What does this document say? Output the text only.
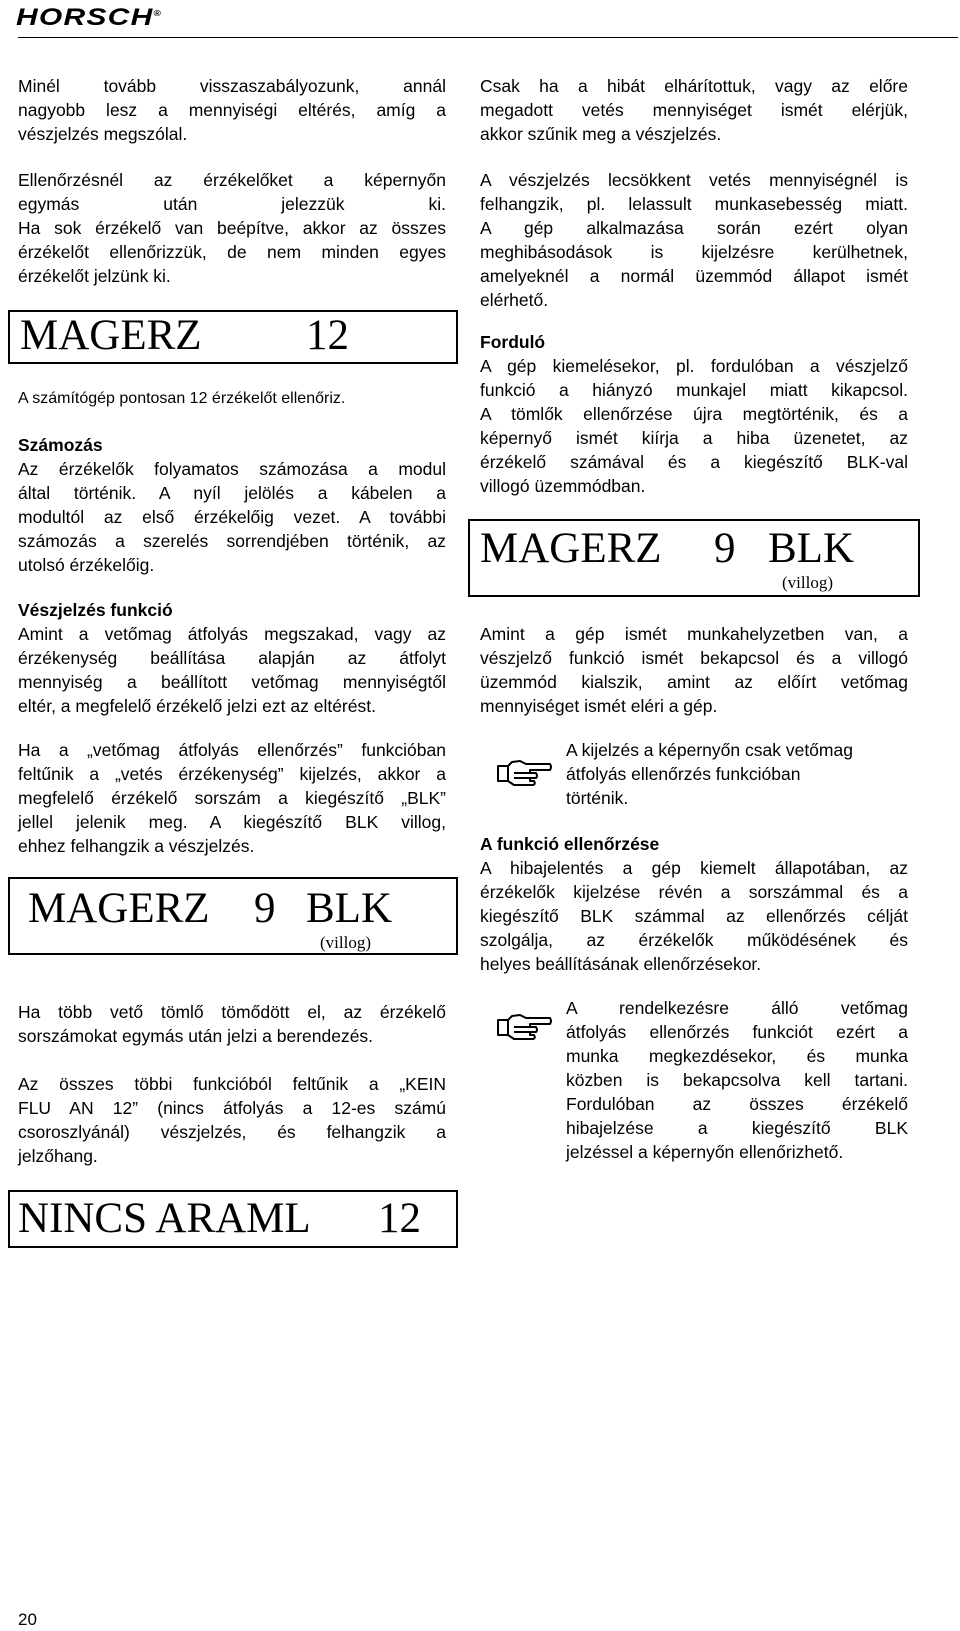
HORSCH®
Minél tovább visszaszabályozunk, annál
nagyobb lesz a mennyiségi eltérés, amíg a
vészjelzés megszólal.
Ellenőrzésnél az érzékelőket a képernyőn
egymás után jelezzük ki.
Ha sok érzékelő van beépítve, akkor az összes
érzékelőt ellenőrizzük, de nem minden egyes
érzékelőt jelzünk ki.
MAGERZ 12
A számítógép pontosan 12 érzékelőt ellenőriz.
Számozás
Az érzékelők folyamatos számozása a modul
által történik. A nyíl jelölés a kábelen a
modultól az első érzékelőig vezet. A további
számozás a szerelés sorrendjében történik, az
utolsó érzékelőig.
Vészjelzés funkció
Amint a vetőmag átfolyás megszakad, vagy az
érzékenység beállítása alapján az átfolyt
mennyiség a beállított vetőmag mennyiségtől
eltér, a megfelelő érzékelő jelzi ezt az eltérést.
Ha a „vetőmag átfolyás ellenőrzés” funkcióban
feltűnik a „vetés érzékenység” kijelzés, akkor a
megfelelő érzékelő sorszám a kiegészítő „BLK”
jellel jelenik meg. A kiegészítő BLK villog,
ehhez felhangzik a vészjelzés.
MAGERZ 9 BLK
(villog)
Ha több vető tömlő tömődött el, az érzékelő
sorszámokat egymás után jelzi a berendezés.
Az összes többi funkcióból feltűnik a „KEIN
FLU AN 12” (nincs átfolyás a 12-es számú
csoroszlyánál) vészjelzés, és felhangzik a
jelzőhang.
NINCS ARAML 12
Csak ha a hibát elhárítottuk, vagy az előre
megadott vetés mennyiséget ismét elérjük,
akkor szűnik meg a vészjelzés.
A vészjelzés lecsökkent vetés mennyiségnél is
felhangzik, pl. lelassult munkasebesség miatt.
A gép alkalmazása során ezért olyan
meghibásodások is kijelzésre kerülhetnek,
amelyeknél a normál üzemmód állapot ismét
elérhető.
Forduló
A gép kiemelésekor, pl. fordulóban a vészjelző
funkció a hiányzó munkajel miatt kikapcsol.
A tömlők ellenőrzése újra megtörténik, és a
képernyő ismét kiírja a hiba üzenetet, az
érzékelő számával és a kiegészítő BLK-val
villogó üzemmódban.
MAGERZ 9 BLK
(villog)
Amint a gép ismét munkahelyzetben van, a
vészjelző funkció ismét bekapcsol és a villogó
üzemmód kialszik, amint az előírt vetőmag
mennyiséget ismét eléri a gép.
A kijelzés a képernyőn csak vetőmag
átfolyás ellenőrzés funkcióban
történik.
A funkció ellenőrzése
A hibajelentés a gép kiemelt állapotában, az
érzékelők kijelzése révén a sorszámmal és a
kiegészítő BLK számmal az ellenőrzés célját
szolgálja, az érzékelők működésének és
helyes beállításának ellenőrzésekor.
A rendelkezésre álló vetőmag
átfolyás ellenőrzés funkciót ezért a
munka megkezdésekor, és munka
közben is bekapcsolva kell tartani.
Fordulóban az összes érzékelő
hibajelzése a kiegészítő BLK
jelzéssel a képernyőn ellenőrizhető.
20
